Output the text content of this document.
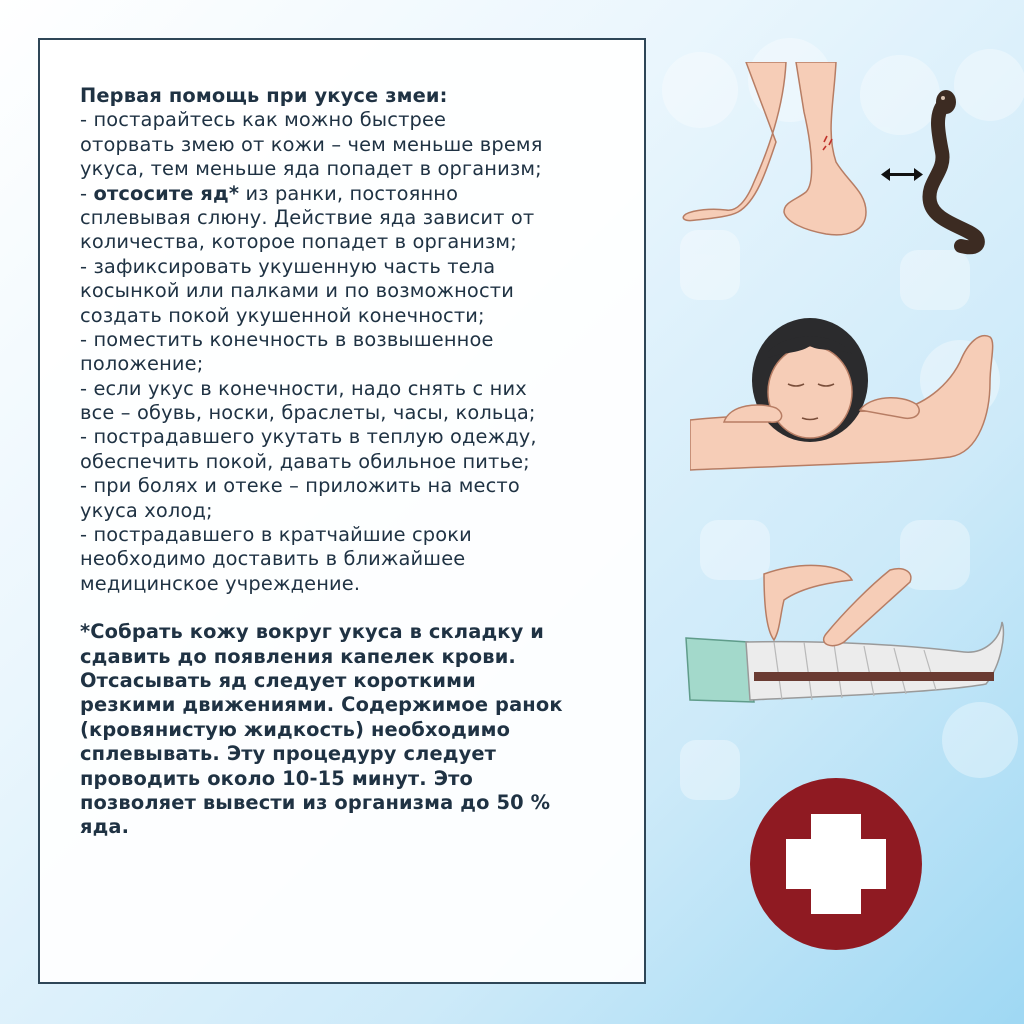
Первая помощь при укусе змеи:
- постарайтесь как можно быстрее
оторвать змею от кожи – чем меньше время
укуса, тем меньше яда попадет в организм;
- отсосите яд* из ранки, постоянно
сплевывая слюну. Действие яда зависит от
количества, которое попадет в организм;
- зафиксировать укушенную часть тела
косынкой или палками и по возможности
создать покой укушенной конечности;
- поместить конечность в возвышенное
положение;
- если укус в конечности, надо снять с них
все – обувь, носки, браслеты, часы, кольца;
- пострадавшего укутать в теплую одежду,
обеспечить покой, давать обильное питье;
- при болях и отеке – приложить на место
укуса холод;
- пострадавшего в кратчайшие сроки
необходимо доставить в ближайшее
медицинское учреждение.
*Собрать кожу вокруг укуса в складку и
сдавить до появления капелек крови.
Отсасывать яд следует короткими
резкими движениями. Содержимое ранок
(кровянистую жидкость) необходимо
сплевывать. Эту процедуру следует
проводить около 10-15 минут. Это
позволяет вывести из организма до 50 %
яда.
